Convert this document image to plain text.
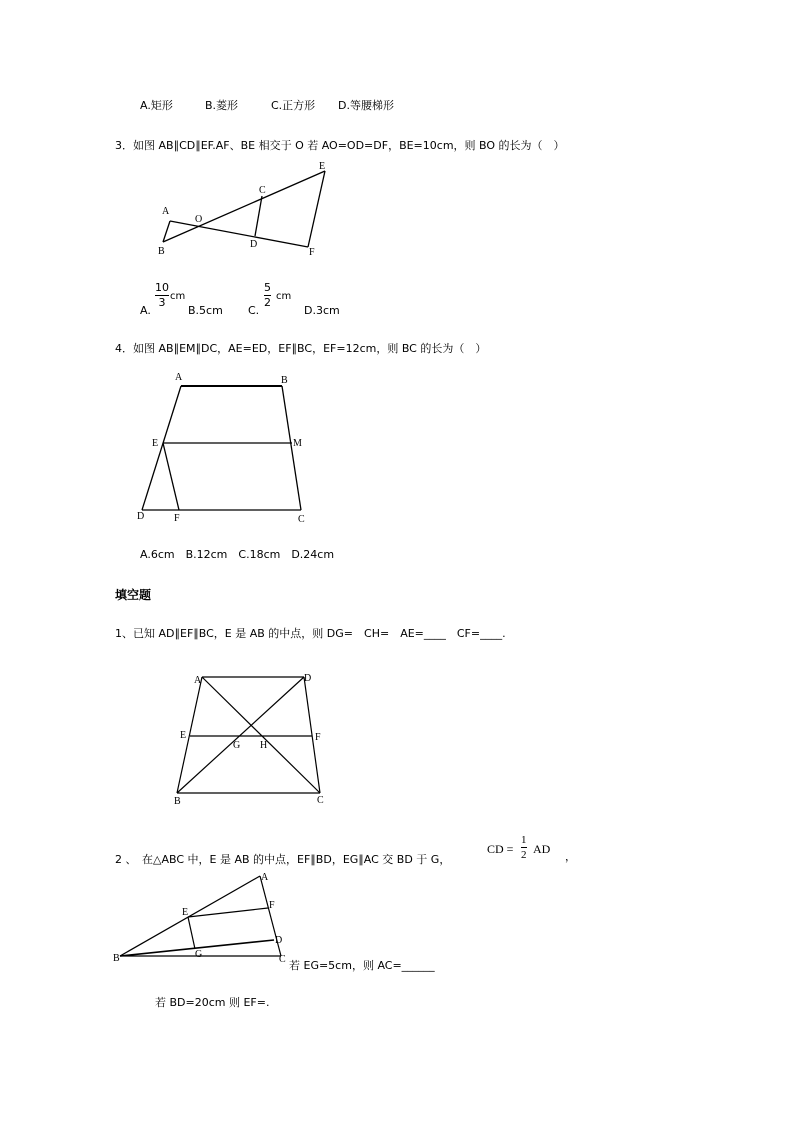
A.矩形	B.菱形	C.正方形 D.等腰梯形
3．如图 AB∥CD∥EF.AF、BE 相交于 O 若 AO=OD=DF，BE=10cm，则 BO 的长为（　）
A
O
C
E
B
D
F
A.
10
3 cm
B.5cm C.
5
2 cm
D.3cm
4．如图 AB∥EM∥DC，AE=ED，EF∥BC，EF=12cm，则 BC 的长为（　）
A	B
E	M
D	F	C
A.6cm　B.12cm　C.18cm　D.24cm
填空题
1、已知 AD∥EF∥BC，E 是 AB 的中点，则 DG=　CH=　AE=____　CF=____.
A	D
E
G H
F
B	C
2 、　在△ABC 中，E 是 AB 的中点，EF∥BD，EG∥AC 交 BD 于 G，
CD =
1
2 AD
，
A
E
F
D
B	G	C 若 EG=5cm，则 AC=______
若 BD=20cm 则 EF=.
